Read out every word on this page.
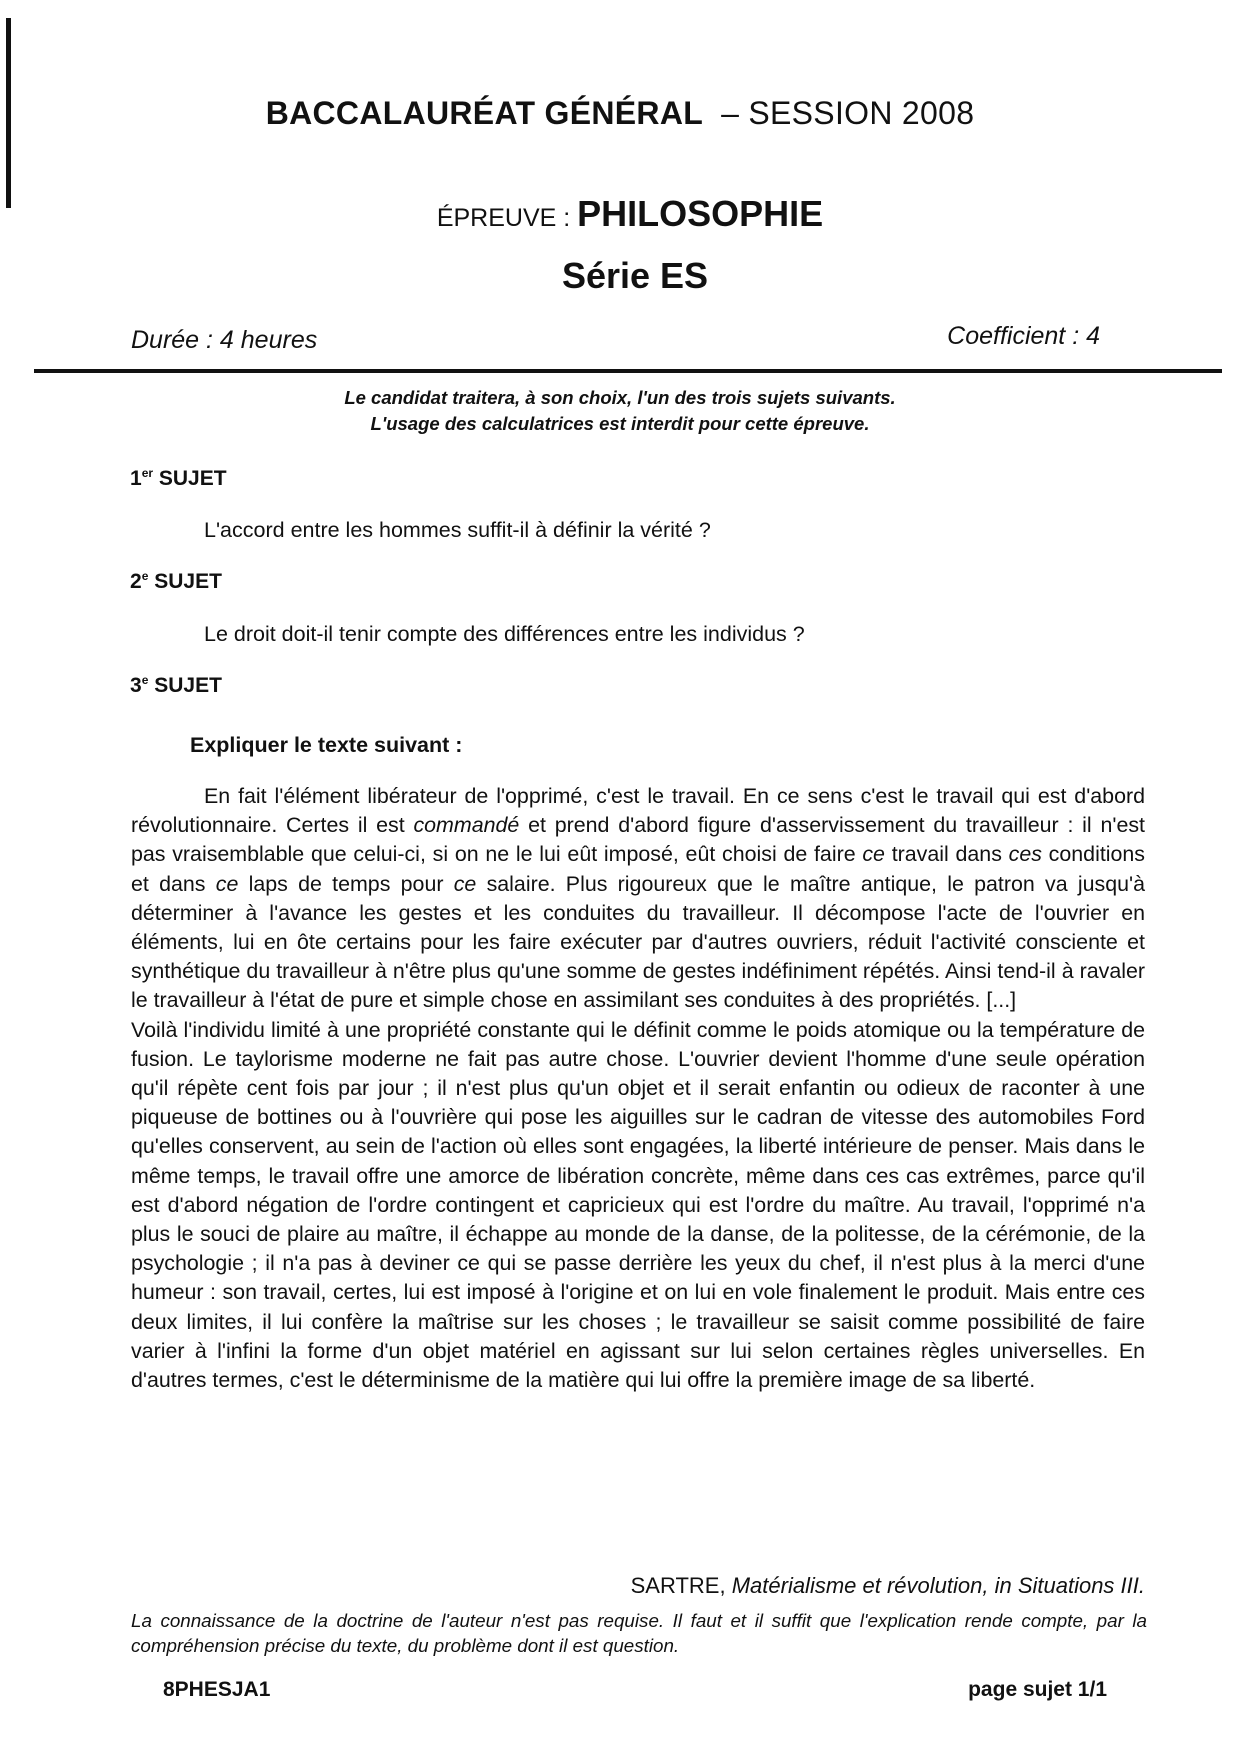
BACCALAURÉAT GÉNÉRAL – SESSION 2008
ÉPREUVE : PHILOSOPHIE
Série ES
Durée : 4 heures	Coefficient : 4
Le candidat traitera, à son choix, l'un des trois sujets suivants.
L'usage des calculatrices est interdit pour cette épreuve.
1er SUJET
L'accord entre les hommes suffit-il à définir la vérité ?
2e SUJET
Le droit doit-il tenir compte des différences entre les individus ?
3e SUJET
Expliquer le texte suivant :

En fait l'élément libérateur de l'opprimé, c'est le travail. En ce sens c'est le travail qui est d'abord révolutionnaire. Certes il est commandé et prend d'abord figure d'asservissement du travailleur : il n'est pas vraisemblable que celui-ci, si on ne le lui eût imposé, eût choisi de faire ce travail dans ces conditions et dans ce laps de temps pour ce salaire. Plus rigoureux que le maître antique, le patron va jusqu'à déterminer à l'avance les gestes et les conduites du travailleur. Il décompose l'acte de l'ouvrier en éléments, lui en ôte certains pour les faire exécuter par d'autres ouvriers, réduit l'activité consciente et synthétique du travailleur à n'être plus qu'une somme de gestes indéfiniment répétés. Ainsi tend-il à ravaler le travailleur à l'état de pure et simple chose en assimilant ses conduites à des propriétés. [...]

Voilà l'individu limité à une propriété constante qui le définit comme le poids atomique ou la température de fusion. Le taylorisme moderne ne fait pas autre chose. L'ouvrier devient l'homme d'une seule opération qu'il répète cent fois par jour ; il n'est plus qu'un objet et il serait enfantin ou odieux de raconter à une piqueuse de bottines ou à l'ouvrière qui pose les aiguilles sur le cadran de vitesse des automobiles Ford qu'elles conservent, au sein de l'action où elles sont engagées, la liberté intérieure de penser. Mais dans le même temps, le travail offre une amorce de libération concrète, même dans ces cas extrêmes, parce qu'il est d'abord négation de l'ordre contingent et capricieux qui est l'ordre du maître. Au travail, l'opprimé n'a plus le souci de plaire au maître, il échappe au monde de la danse, de la politesse, de la cérémonie, de la psychologie ; il n'a pas à deviner ce qui se passe derrière les yeux du chef, il n'est plus à la merci d'une humeur : son travail, certes, lui est imposé à l'origine et on lui en vole finalement le produit. Mais entre ces deux limites, il lui confère la maîtrise sur les choses ; le travailleur se saisit comme possibilité de faire varier à l'infini la forme d'un objet matériel en agissant sur lui selon certaines règles universelles. En d'autres termes, c'est le déterminisme de la matière qui lui offre la première image de sa liberté.

SARTRE, Matérialisme et révolution, in Situations III.
La connaissance de la doctrine de l'auteur n'est pas requise. Il faut et il suffit que l'explication rende compte, par la compréhension précise du texte, du problème dont il est question.
8PHESJA1	page sujet 1/1
